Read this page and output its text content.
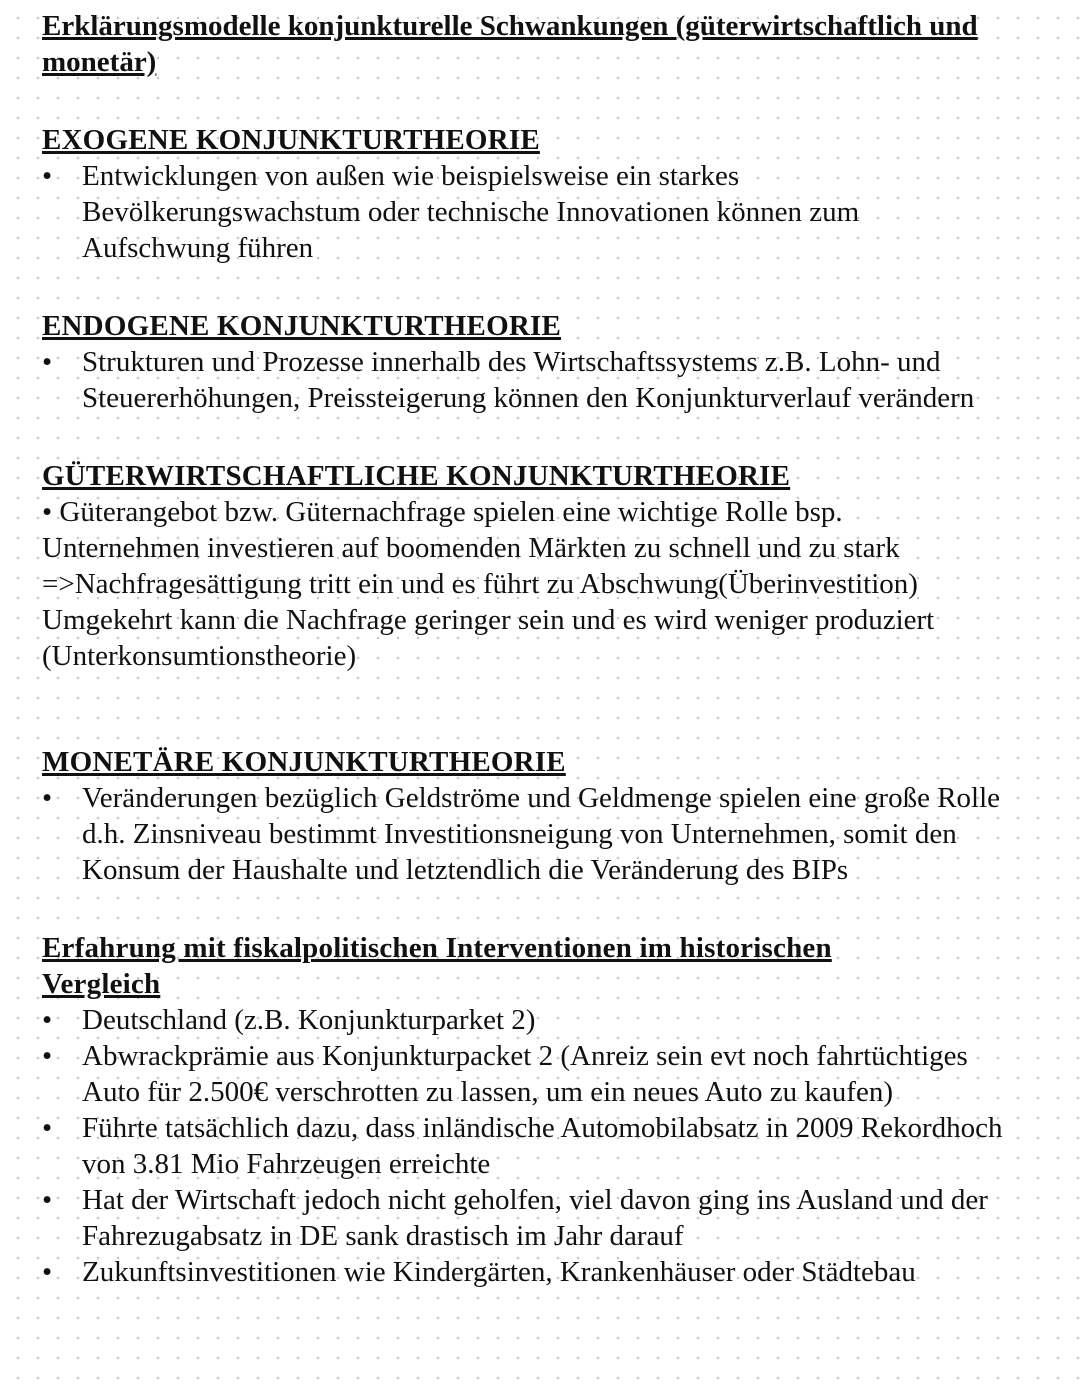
Erklärungsmodelle konjunkturelle Schwankungen (güterwirtschaftlich und monetär)
EXOGENE KONJUNKTURTHEORIE
• Entwicklungen von außen wie beispielsweise ein starkes Bevölkerungswachstum oder technische Innovationen können zum Aufschwung führen
ENDOGENE KONJUNKTURTHEORIE
• Strukturen und Prozesse innerhalb des Wirtschaftssystems z.B. Lohn- und Steuererhöhungen, Preissteigerung können den Konjunkturverlauf verändern
GÜTERWIRTSCHAFTLICHE KONJUNKTURTHEORIE

• Güterangebot bzw. Güternachfrage spielen eine wichtige Rolle bsp. Unternehmen investieren auf boomenden Märkten zu schnell und zu stark =>Nachfragesättigung tritt ein und es führt zu Abschwung(Überinvestition)
Umgekehrt kann die Nachfrage geringer sein und es wird weniger produziert (Unterkonsumtionstheorie)

MONETÄRE KONJUNKTURTHEORIE
• Veränderungen bezüglich Geldströme und Geldmenge spielen eine große Rolle d.h. Zinsniveau bestimmt Investitionsneigung von Unternehmen, somit den Konsum der Haushalte und letztendlich die Veränderung des BIPs
Erfahrung mit fiskalpolitischen Interventionen im historischen Vergleich
• Deutschland (z.B. Konjunkturparket 2)
• Abwrackprämie aus Konjunkturpacket 2 (Anreiz sein evt noch fahrtüchtiges Auto für 2.500€ verschrotten zu lassen, um ein neues Auto zu kaufen)
• Führte tatsächlich dazu, dass inländische Automobilabsatz in 2009 Rekordhoch von 3.81 Mio Fahrzeugen erreichte
• Hat der Wirtschaft jedoch nicht geholfen, viel davon ging ins Ausland und der Fahrezugabsatz in DE sank drastisch im Jahr darauf
• Zukunftsinvestitionen wie Kindergärten, Krankenhäuser oder Städtebau
